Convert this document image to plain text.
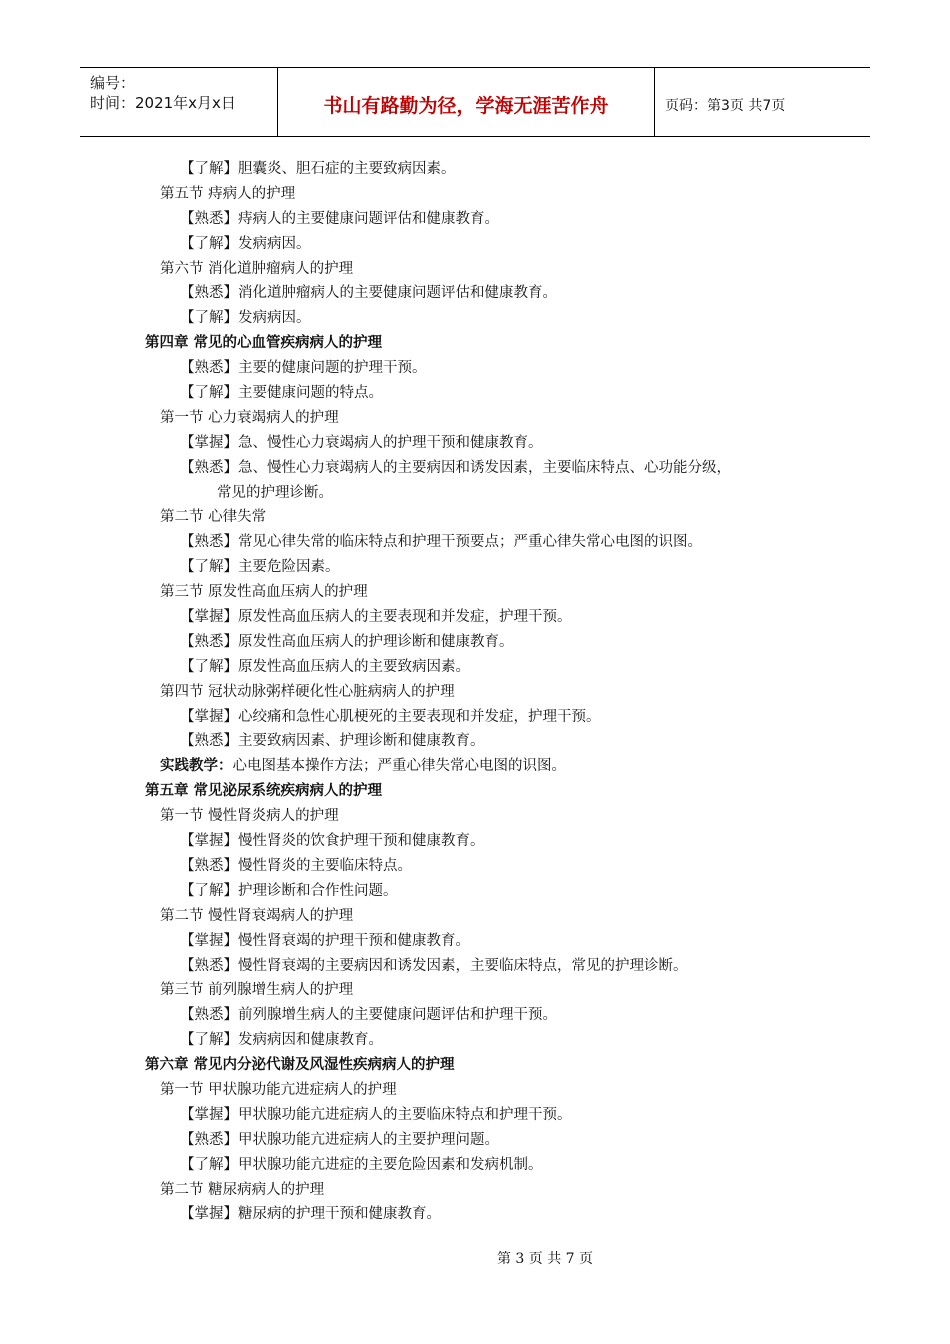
编号：
时间：2021年x月x日	书山有路勤为径，学海无涯苦作舟	页码：第3页 共7页
【了解】胆囊炎、胆石症的主要致病因素。
第五节 痔病人的护理
【熟悉】痔病人的主要健康问题评估和健康教育。
【了解】发病病因。
第六节 消化道肿瘤病人的护理
【熟悉】消化道肿瘤病人的主要健康问题评估和健康教育。
【了解】发病病因。
第四章 常见的心血管疾病病人的护理
【熟悉】主要的健康问题的护理干预。
【了解】主要健康问题的特点。
第一节 心力衰竭病人的护理
【掌握】急、慢性心力衰竭病人的护理干预和健康教育。
【熟悉】急、慢性心力衰竭病人的主要病因和诱发因素，主要临床特点、心功能分级，
常见的护理诊断。
第二节 心律失常
【熟悉】常见心律失常的临床特点和护理干预要点；严重心律失常心电图的识图。
【了解】主要危险因素。
第三节 原发性高血压病人的护理
【掌握】原发性高血压病人的主要表现和并发症，护理干预。
【熟悉】原发性高血压病人的护理诊断和健康教育。
【了解】原发性高血压病人的主要致病因素。
第四节 冠状动脉粥样硬化性心脏病病人的护理
【掌握】心绞痛和急性心肌梗死的主要表现和并发症，护理干预。
【熟悉】主要致病因素、护理诊断和健康教育。
实践教学：心电图基本操作方法；严重心律失常心电图的识图。
第五章 常见泌尿系统疾病病人的护理
第一节 慢性肾炎病人的护理
【掌握】慢性肾炎的饮食护理干预和健康教育。
【熟悉】慢性肾炎的主要临床特点。
【了解】护理诊断和合作性问题。
第二节 慢性肾衰竭病人的护理
【掌握】慢性肾衰竭的护理干预和健康教育。
【熟悉】慢性肾衰竭的主要病因和诱发因素，主要临床特点，常见的护理诊断。
第三节 前列腺增生病人的护理
【熟悉】前列腺增生病人的主要健康问题评估和护理干预。
【了解】发病病因和健康教育。
第六章 常见内分泌代谢及风湿性疾病病人的护理
第一节 甲状腺功能亢进症病人的护理
【掌握】甲状腺功能亢进症病人的主要临床特点和护理干预。
【熟悉】甲状腺功能亢进症病人的主要护理问题。
【了解】甲状腺功能亢进症的主要危险因素和发病机制。
第二节 糖尿病病人的护理
【掌握】糖尿病的护理干预和健康教育。
第 3 页 共 7 页
